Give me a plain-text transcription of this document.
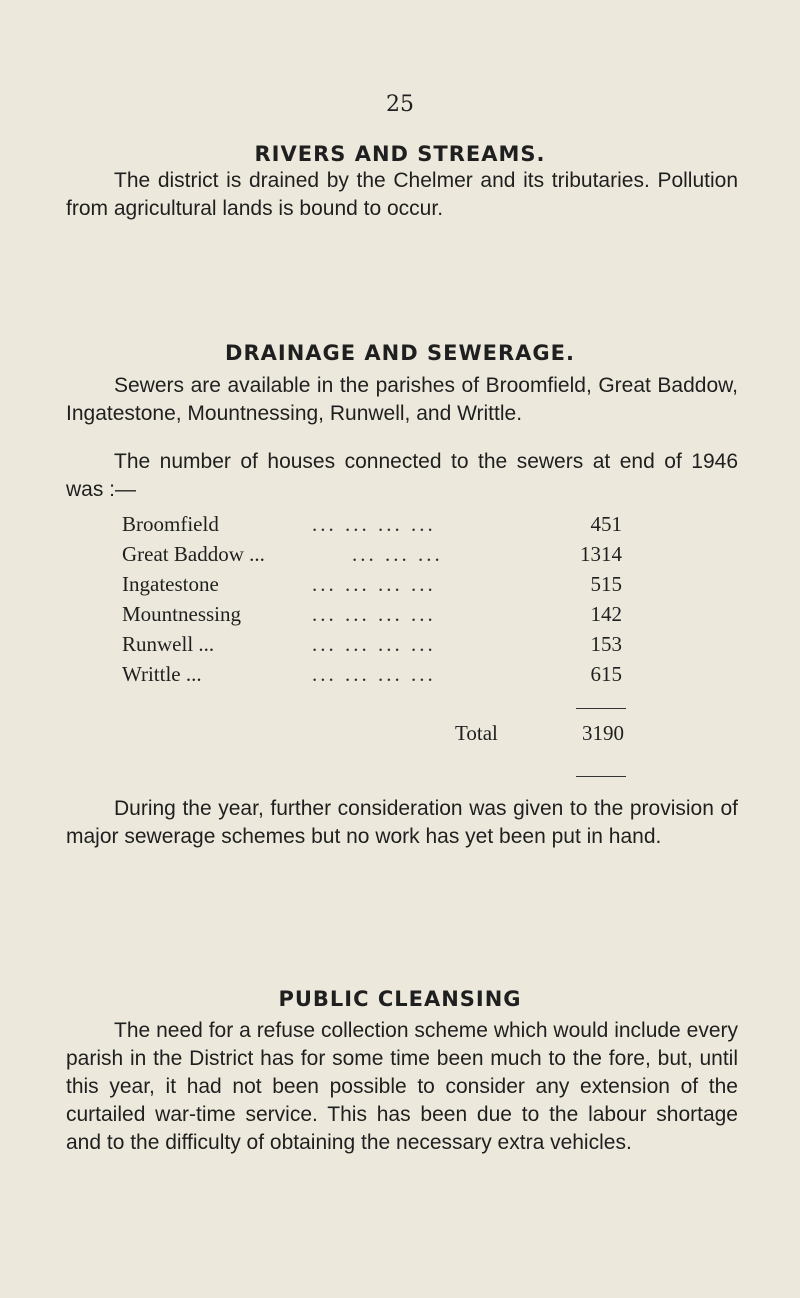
25
RIVERS AND STREAMS.

The district is drained by the Chelmer and its tributaries. Pollution from agricultural lands is bound to occur.

DRAINAGE AND SEWERAGE.

Sewers are available in the parishes of Broomfield, Great Baddow, Ingatestone, Mountnessing, Runwell, and Writtle.

The number of houses connected to the sewers at end of 1946 was :—

Broomfield	... ... ... ...	451
Great Baddow ...	... ... ...	1314
Ingatestone	... ... ... ...	515
Mountnessing	... ... ... ...	142
Runwell ...	... ... ... ...	153
Writtle ...	... ... ... ...	615
Total	3190

During the year, further consideration was given to the provision of major sewerage schemes but no work has yet been put in hand.

PUBLIC CLEANSING

The need for a refuse collection scheme which would include every parish in the District has for some time been much to the fore, but, until this year, it had not been possible to consider any extension of the curtailed war-time service. This has been due to the labour shortage and to the difficulty of obtaining the necessary extra vehicles.
